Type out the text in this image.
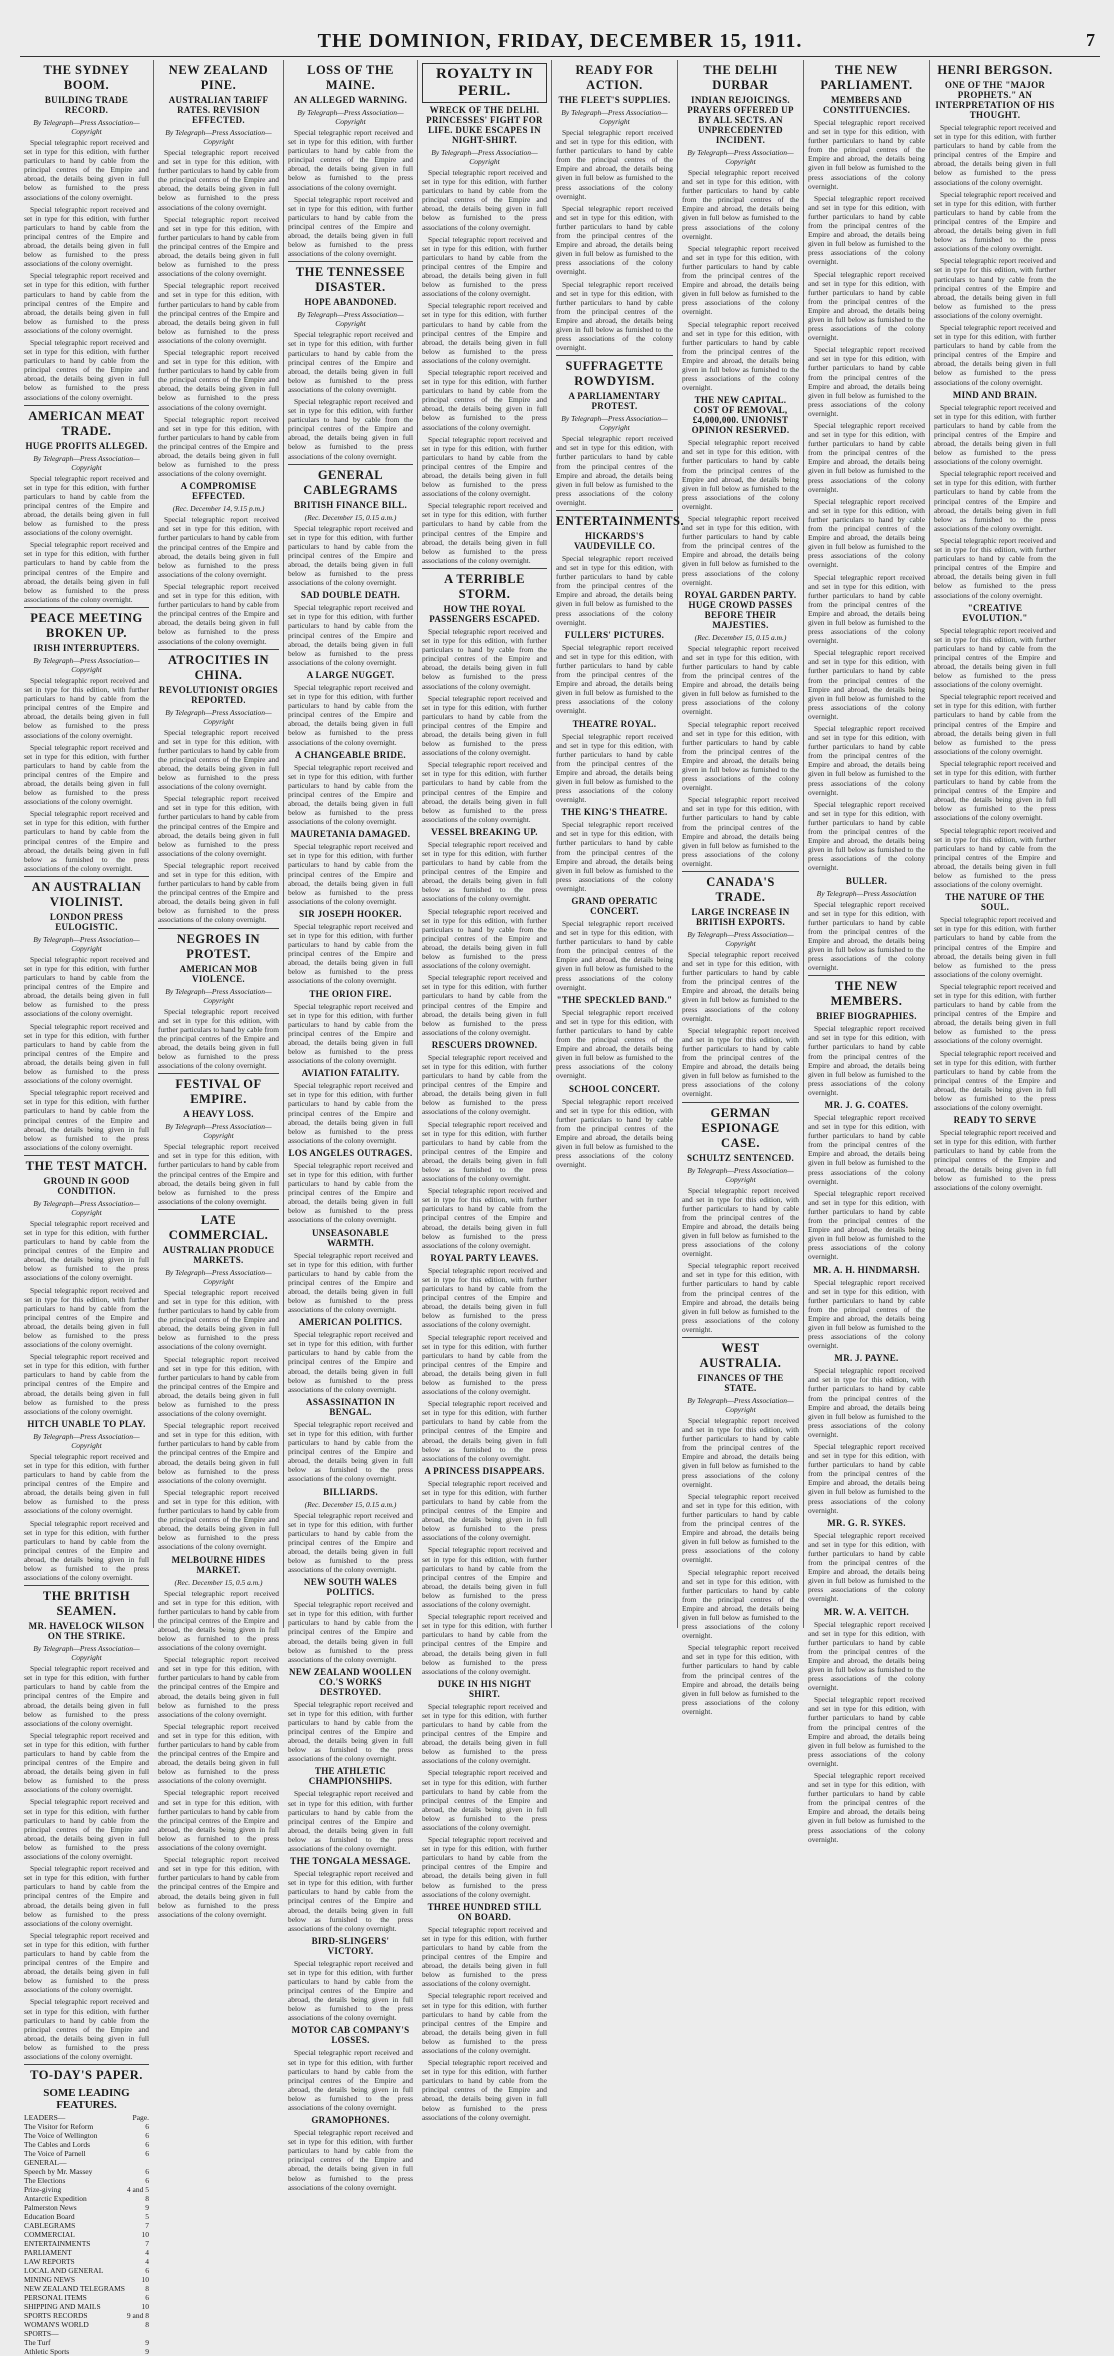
THE DOMINION, FRIDAY, DECEMBER 15, 1911.	7
THE SYDNEY BOOM.
BUILDING TRADE RECORD.
By Telegraph—Press Association—Copyright

Special telegraphic report received and set in type for this edition, with further particulars to hand by cable from the principal centres of the Empire and abroad, the details being given in full below as furnished to the press associations of the colony overnight.

Special telegraphic report received and set in type for this edition, with further particulars to hand by cable from the principal centres of the Empire and abroad, the details being given in full below as furnished to the press associations of the colony overnight.

Special telegraphic report received and set in type for this edition, with further particulars to hand by cable from the principal centres of the Empire and abroad, the details being given in full below as furnished to the press associations of the colony overnight.

Special telegraphic report received and set in type for this edition, with further particulars to hand by cable from the principal centres of the Empire and abroad, the details being given in full below as furnished to the press associations of the colony overnight.

AMERICAN MEAT TRADE.
HUGE PROFITS ALLEGED.
By Telegraph—Press Association—Copyright

Special telegraphic report received and set in type for this edition, with further particulars to hand by cable from the principal centres of the Empire and abroad, the details being given in full below as furnished to the press associations of the colony overnight.

Special telegraphic report received and set in type for this edition, with further particulars to hand by cable from the principal centres of the Empire and abroad, the details being given in full below as furnished to the press associations of the colony overnight.

PEACE MEETING BROKEN UP.
IRISH INTERRUPTERS.
By Telegraph—Press Association—Copyright

Special telegraphic report received and set in type for this edition, with further particulars to hand by cable from the principal centres of the Empire and abroad, the details being given in full below as furnished to the press associations of the colony overnight.

Special telegraphic report received and set in type for this edition, with further particulars to hand by cable from the principal centres of the Empire and abroad, the details being given in full below as furnished to the press associations of the colony overnight.

Special telegraphic report received and set in type for this edition, with further particulars to hand by cable from the principal centres of the Empire and abroad, the details being given in full below as furnished to the press associations of the colony overnight.

AN AUSTRALIAN VIOLINIST.
LONDON PRESS EULOGISTIC.
By Telegraph—Press Association—Copyright

Special telegraphic report received and set in type for this edition, with further particulars to hand by cable from the principal centres of the Empire and abroad, the details being given in full below as furnished to the press associations of the colony overnight.

Special telegraphic report received and set in type for this edition, with further particulars to hand by cable from the principal centres of the Empire and abroad, the details being given in full below as furnished to the press associations of the colony overnight.

Special telegraphic report received and set in type for this edition, with further particulars to hand by cable from the principal centres of the Empire and abroad, the details being given in full below as furnished to the press associations of the colony overnight.

THE TEST MATCH.
GROUND IN GOOD CONDITION.
By Telegraph—Press Association—Copyright

Special telegraphic report received and set in type for this edition, with further particulars to hand by cable from the principal centres of the Empire and abroad, the details being given in full below as furnished to the press associations of the colony overnight.

Special telegraphic report received and set in type for this edition, with further particulars to hand by cable from the principal centres of the Empire and abroad, the details being given in full below as furnished to the press associations of the colony overnight.

Special telegraphic report received and set in type for this edition, with further particulars to hand by cable from the principal centres of the Empire and abroad, the details being given in full below as furnished to the press associations of the colony overnight.

HITCH UNABLE TO PLAY.
By Telegraph—Press Association—Copyright

Special telegraphic report received and set in type for this edition, with further particulars to hand by cable from the principal centres of the Empire and abroad, the details being given in full below as furnished to the press associations of the colony overnight.

Special telegraphic report received and set in type for this edition, with further particulars to hand by cable from the principal centres of the Empire and abroad, the details being given in full below as furnished to the press associations of the colony overnight.

THE BRITISH SEAMEN.
MR. HAVELOCK WILSON ON THE STRIKE.
By Telegraph—Press Association—Copyright

Special telegraphic report received and set in type for this edition, with further particulars to hand by cable from the principal centres of the Empire and abroad, the details being given in full below as furnished to the press associations of the colony overnight.

Special telegraphic report received and set in type for this edition, with further particulars to hand by cable from the principal centres of the Empire and abroad, the details being given in full below as furnished to the press associations of the colony overnight.

Special telegraphic report received and set in type for this edition, with further particulars to hand by cable from the principal centres of the Empire and abroad, the details being given in full below as furnished to the press associations of the colony overnight.

Special telegraphic report received and set in type for this edition, with further particulars to hand by cable from the principal centres of the Empire and abroad, the details being given in full below as furnished to the press associations of the colony overnight.

Special telegraphic report received and set in type for this edition, with further particulars to hand by cable from the principal centres of the Empire and abroad, the details being given in full below as furnished to the press associations of the colony overnight.

Special telegraphic report received and set in type for this edition, with further particulars to hand by cable from the principal centres of the Empire and abroad, the details being given in full below as furnished to the press associations of the colony overnight.

TO-DAY'S PAPER.
SOME LEADING FEATURES.
LEADERS—	Page.
The Visitor for Reform	6
The Voice of Wellington	6
The Cables and Lords	6
The Voice of Parnell	6
GENERAL—
Speech by Mr. Massey	6
The Elections	6
Prize-giving	4 and 5
Antarctic Expedition	8
Palmerston News	9
Education Board	5
CABLEGRAMS	7
COMMERCIAL	10
ENTERTAINMENTS	7
PARLIAMENT	4
LAW REPORTS	4
LOCAL AND GENERAL	6
MINING NEWS	10
NEW ZEALAND TELEGRAMS	8
PERSONAL ITEMS	6
SHIPPING AND MAILS	10
SPORTS RECORDS	9 and 8
WOMAN'S WORLD	8
SPORTS—
The Turf	9
Athletic Sports	9
NEW ZEALAND PINE.
AUSTRALIAN TARIFF RATES. REVISION EFFECTED.
By Telegraph—Press Association—Copyright

Special telegraphic report received and set in type for this edition, with further particulars to hand by cable from the principal centres of the Empire and abroad, the details being given in full below as furnished to the press associations of the colony overnight.

Special telegraphic report received and set in type for this edition, with further particulars to hand by cable from the principal centres of the Empire and abroad, the details being given in full below as furnished to the press associations of the colony overnight.

Special telegraphic report received and set in type for this edition, with further particulars to hand by cable from the principal centres of the Empire and abroad, the details being given in full below as furnished to the press associations of the colony overnight.

Special telegraphic report received and set in type for this edition, with further particulars to hand by cable from the principal centres of the Empire and abroad, the details being given in full below as furnished to the press associations of the colony overnight.

Special telegraphic report received and set in type for this edition, with further particulars to hand by cable from the principal centres of the Empire and abroad, the details being given in full below as furnished to the press associations of the colony overnight.

A COMPROMISE EFFECTED.
(Rec. December 14, 9.15 p.m.)

Special telegraphic report received and set in type for this edition, with further particulars to hand by cable from the principal centres of the Empire and abroad, the details being given in full below as furnished to the press associations of the colony overnight.

Special telegraphic report received and set in type for this edition, with further particulars to hand by cable from the principal centres of the Empire and abroad, the details being given in full below as furnished to the press associations of the colony overnight.

ATROCITIES IN CHINA.
REVOLUTIONIST ORGIES REPORTED.
By Telegraph—Press Association—Copyright

Special telegraphic report received and set in type for this edition, with further particulars to hand by cable from the principal centres of the Empire and abroad, the details being given in full below as furnished to the press associations of the colony overnight.

Special telegraphic report received and set in type for this edition, with further particulars to hand by cable from the principal centres of the Empire and abroad, the details being given in full below as furnished to the press associations of the colony overnight.

Special telegraphic report received and set in type for this edition, with further particulars to hand by cable from the principal centres of the Empire and abroad, the details being given in full below as furnished to the press associations of the colony overnight.

NEGROES IN PROTEST.
AMERICAN MOB VIOLENCE.
By Telegraph—Press Association—Copyright

Special telegraphic report received and set in type for this edition, with further particulars to hand by cable from the principal centres of the Empire and abroad, the details being given in full below as furnished to the press associations of the colony overnight.

FESTIVAL OF EMPIRE.
A HEAVY LOSS.
By Telegraph—Press Association—Copyright

Special telegraphic report received and set in type for this edition, with further particulars to hand by cable from the principal centres of the Empire and abroad, the details being given in full below as furnished to the press associations of the colony overnight.

LATE COMMERCIAL.
AUSTRALIAN PRODUCE MARKETS.
By Telegraph—Press Association—Copyright

Special telegraphic report received and set in type for this edition, with further particulars to hand by cable from the principal centres of the Empire and abroad, the details being given in full below as furnished to the press associations of the colony overnight.

Special telegraphic report received and set in type for this edition, with further particulars to hand by cable from the principal centres of the Empire and abroad, the details being given in full below as furnished to the press associations of the colony overnight.

Special telegraphic report received and set in type for this edition, with further particulars to hand by cable from the principal centres of the Empire and abroad, the details being given in full below as furnished to the press associations of the colony overnight.

Special telegraphic report received and set in type for this edition, with further particulars to hand by cable from the principal centres of the Empire and abroad, the details being given in full below as furnished to the press associations of the colony overnight.

MELBOURNE HIDES MARKET.
(Rec. December 15, 0.5 a.m.)

Special telegraphic report received and set in type for this edition, with further particulars to hand by cable from the principal centres of the Empire and abroad, the details being given in full below as furnished to the press associations of the colony overnight.

Special telegraphic report received and set in type for this edition, with further particulars to hand by cable from the principal centres of the Empire and abroad, the details being given in full below as furnished to the press associations of the colony overnight.

Special telegraphic report received and set in type for this edition, with further particulars to hand by cable from the principal centres of the Empire and abroad, the details being given in full below as furnished to the press associations of the colony overnight.

Special telegraphic report received and set in type for this edition, with further particulars to hand by cable from the principal centres of the Empire and abroad, the details being given in full below as furnished to the press associations of the colony overnight.

Special telegraphic report received and set in type for this edition, with further particulars to hand by cable from the principal centres of the Empire and abroad, the details being given in full below as furnished to the press associations of the colony overnight.

LOSS OF THE MAINE.
AN ALLEGED WARNING.
By Telegraph—Press Association—Copyright

Special telegraphic report received and set in type for this edition, with further particulars to hand by cable from the principal centres of the Empire and abroad, the details being given in full below as furnished to the press associations of the colony overnight.

Special telegraphic report received and set in type for this edition, with further particulars to hand by cable from the principal centres of the Empire and abroad, the details being given in full below as furnished to the press associations of the colony overnight.

THE TENNESSEE DISASTER.
HOPE ABANDONED.
By Telegraph—Press Association—Copyright

Special telegraphic report received and set in type for this edition, with further particulars to hand by cable from the principal centres of the Empire and abroad, the details being given in full below as furnished to the press associations of the colony overnight.

Special telegraphic report received and set in type for this edition, with further particulars to hand by cable from the principal centres of the Empire and abroad, the details being given in full below as furnished to the press associations of the colony overnight.

GENERAL CABLEGRAMS
BRITISH FINANCE BILL.
(Rec. December 15, 0.15 a.m.)

Special telegraphic report received and set in type for this edition, with further particulars to hand by cable from the principal centres of the Empire and abroad, the details being given in full below as furnished to the press associations of the colony overnight.

SAD DOUBLE DEATH.

Special telegraphic report received and set in type for this edition, with further particulars to hand by cable from the principal centres of the Empire and abroad, the details being given in full below as furnished to the press associations of the colony overnight.

A LARGE NUGGET.

Special telegraphic report received and set in type for this edition, with further particulars to hand by cable from the principal centres of the Empire and abroad, the details being given in full below as furnished to the press associations of the colony overnight.

A CHANGEABLE BRIDE.

Special telegraphic report received and set in type for this edition, with further particulars to hand by cable from the principal centres of the Empire and abroad, the details being given in full below as furnished to the press associations of the colony overnight.

MAURETANIA DAMAGED.

Special telegraphic report received and set in type for this edition, with further particulars to hand by cable from the principal centres of the Empire and abroad, the details being given in full below as furnished to the press associations of the colony overnight.

SIR JOSEPH HOOKER.

Special telegraphic report received and set in type for this edition, with further particulars to hand by cable from the principal centres of the Empire and abroad, the details being given in full below as furnished to the press associations of the colony overnight.

THE ORION FIRE.

Special telegraphic report received and set in type for this edition, with further particulars to hand by cable from the principal centres of the Empire and abroad, the details being given in full below as furnished to the press associations of the colony overnight.

AVIATION FATALITY.

Special telegraphic report received and set in type for this edition, with further particulars to hand by cable from the principal centres of the Empire and abroad, the details being given in full below as furnished to the press associations of the colony overnight.

LOS ANGELES OUTRAGES.

Special telegraphic report received and set in type for this edition, with further particulars to hand by cable from the principal centres of the Empire and abroad, the details being given in full below as furnished to the press associations of the colony overnight.

UNSEASONABLE WARMTH.

Special telegraphic report received and set in type for this edition, with further particulars to hand by cable from the principal centres of the Empire and abroad, the details being given in full below as furnished to the press associations of the colony overnight.

AMERICAN POLITICS.

Special telegraphic report received and set in type for this edition, with further particulars to hand by cable from the principal centres of the Empire and abroad, the details being given in full below as furnished to the press associations of the colony overnight.

ASSASSINATION IN BENGAL.

Special telegraphic report received and set in type for this edition, with further particulars to hand by cable from the principal centres of the Empire and abroad, the details being given in full below as furnished to the press associations of the colony overnight.

BILLIARDS.
(Rec. December 15, 0.15 a.m.)

Special telegraphic report received and set in type for this edition, with further particulars to hand by cable from the principal centres of the Empire and abroad, the details being given in full below as furnished to the press associations of the colony overnight.

NEW SOUTH WALES POLITICS.

Special telegraphic report received and set in type for this edition, with further particulars to hand by cable from the principal centres of the Empire and abroad, the details being given in full below as furnished to the press associations of the colony overnight.

NEW ZEALAND WOOLLEN CO.'S WORKS DESTROYED.

Special telegraphic report received and set in type for this edition, with further particulars to hand by cable from the principal centres of the Empire and abroad, the details being given in full below as furnished to the press associations of the colony overnight.

THE ATHLETIC CHAMPIONSHIPS.

Special telegraphic report received and set in type for this edition, with further particulars to hand by cable from the principal centres of the Empire and abroad, the details being given in full below as furnished to the press associations of the colony overnight.

THE TONGALA MESSAGE.

Special telegraphic report received and set in type for this edition, with further particulars to hand by cable from the principal centres of the Empire and abroad, the details being given in full below as furnished to the press associations of the colony overnight.

BIRD-SLINGERS' VICTORY.

Special telegraphic report received and set in type for this edition, with further particulars to hand by cable from the principal centres of the Empire and abroad, the details being given in full below as furnished to the press associations of the colony overnight.

MOTOR CAB COMPANY'S LOSSES.

Special telegraphic report received and set in type for this edition, with further particulars to hand by cable from the principal centres of the Empire and abroad, the details being given in full below as furnished to the press associations of the colony overnight.

GRAMOPHONES.

Special telegraphic report received and set in type for this edition, with further particulars to hand by cable from the principal centres of the Empire and abroad, the details being given in full below as furnished to the press associations of the colony overnight.

ROYALTY IN PERIL.
WRECK OF THE DELHI. PRINCESSES' FIGHT FOR LIFE. DUKE ESCAPES IN NIGHT-SHIRT.
By Telegraph—Press Association—Copyright

Special telegraphic report received and set in type for this edition, with further particulars to hand by cable from the principal centres of the Empire and abroad, the details being given in full below as furnished to the press associations of the colony overnight.

Special telegraphic report received and set in type for this edition, with further particulars to hand by cable from the principal centres of the Empire and abroad, the details being given in full below as furnished to the press associations of the colony overnight.

Special telegraphic report received and set in type for this edition, with further particulars to hand by cable from the principal centres of the Empire and abroad, the details being given in full below as furnished to the press associations of the colony overnight.

Special telegraphic report received and set in type for this edition, with further particulars to hand by cable from the principal centres of the Empire and abroad, the details being given in full below as furnished to the press associations of the colony overnight.

Special telegraphic report received and set in type for this edition, with further particulars to hand by cable from the principal centres of the Empire and abroad, the details being given in full below as furnished to the press associations of the colony overnight.

Special telegraphic report received and set in type for this edition, with further particulars to hand by cable from the principal centres of the Empire and abroad, the details being given in full below as furnished to the press associations of the colony overnight.

A TERRIBLE STORM.
HOW THE ROYAL PASSENGERS ESCAPED.

Special telegraphic report received and set in type for this edition, with further particulars to hand by cable from the principal centres of the Empire and abroad, the details being given in full below as furnished to the press associations of the colony overnight.

Special telegraphic report received and set in type for this edition, with further particulars to hand by cable from the principal centres of the Empire and abroad, the details being given in full below as furnished to the press associations of the colony overnight.

Special telegraphic report received and set in type for this edition, with further particulars to hand by cable from the principal centres of the Empire and abroad, the details being given in full below as furnished to the press associations of the colony overnight.

VESSEL BREAKING UP.

Special telegraphic report received and set in type for this edition, with further particulars to hand by cable from the principal centres of the Empire and abroad, the details being given in full below as furnished to the press associations of the colony overnight.

Special telegraphic report received and set in type for this edition, with further particulars to hand by cable from the principal centres of the Empire and abroad, the details being given in full below as furnished to the press associations of the colony overnight.

Special telegraphic report received and set in type for this edition, with further particulars to hand by cable from the principal centres of the Empire and abroad, the details being given in full below as furnished to the press associations of the colony overnight.

RESCUERS DROWNED.

Special telegraphic report received and set in type for this edition, with further particulars to hand by cable from the principal centres of the Empire and abroad, the details being given in full below as furnished to the press associations of the colony overnight.

Special telegraphic report received and set in type for this edition, with further particulars to hand by cable from the principal centres of the Empire and abroad, the details being given in full below as furnished to the press associations of the colony overnight.

Special telegraphic report received and set in type for this edition, with further particulars to hand by cable from the principal centres of the Empire and abroad, the details being given in full below as furnished to the press associations of the colony overnight.

ROYAL PARTY LEAVES.

Special telegraphic report received and set in type for this edition, with further particulars to hand by cable from the principal centres of the Empire and abroad, the details being given in full below as furnished to the press associations of the colony overnight.

Special telegraphic report received and set in type for this edition, with further particulars to hand by cable from the principal centres of the Empire and abroad, the details being given in full below as furnished to the press associations of the colony overnight.

Special telegraphic report received and set in type for this edition, with further particulars to hand by cable from the principal centres of the Empire and abroad, the details being given in full below as furnished to the press associations of the colony overnight.

A PRINCESS DISAPPEARS.

Special telegraphic report received and set in type for this edition, with further particulars to hand by cable from the principal centres of the Empire and abroad, the details being given in full below as furnished to the press associations of the colony overnight.

Special telegraphic report received and set in type for this edition, with further particulars to hand by cable from the principal centres of the Empire and abroad, the details being given in full below as furnished to the press associations of the colony overnight.

Special telegraphic report received and set in type for this edition, with further particulars to hand by cable from the principal centres of the Empire and abroad, the details being given in full below as furnished to the press associations of the colony overnight.

DUKE IN HIS NIGHT SHIRT.

Special telegraphic report received and set in type for this edition, with further particulars to hand by cable from the principal centres of the Empire and abroad, the details being given in full below as furnished to the press associations of the colony overnight.

Special telegraphic report received and set in type for this edition, with further particulars to hand by cable from the principal centres of the Empire and abroad, the details being given in full below as furnished to the press associations of the colony overnight.

Special telegraphic report received and set in type for this edition, with further particulars to hand by cable from the principal centres of the Empire and abroad, the details being given in full below as furnished to the press associations of the colony overnight.

THREE HUNDRED STILL ON BOARD.

Special telegraphic report received and set in type for this edition, with further particulars to hand by cable from the principal centres of the Empire and abroad, the details being given in full below as furnished to the press associations of the colony overnight.

Special telegraphic report received and set in type for this edition, with further particulars to hand by cable from the principal centres of the Empire and abroad, the details being given in full below as furnished to the press associations of the colony overnight.

Special telegraphic report received and set in type for this edition, with further particulars to hand by cable from the principal centres of the Empire and abroad, the details being given in full below as furnished to the press associations of the colony overnight.

READY FOR ACTION.
THE FLEET'S SUPPLIES.
By Telegraph—Press Association—Copyright

Special telegraphic report received and set in type for this edition, with further particulars to hand by cable from the principal centres of the Empire and abroad, the details being given in full below as furnished to the press associations of the colony overnight.

Special telegraphic report received and set in type for this edition, with further particulars to hand by cable from the principal centres of the Empire and abroad, the details being given in full below as furnished to the press associations of the colony overnight.

Special telegraphic report received and set in type for this edition, with further particulars to hand by cable from the principal centres of the Empire and abroad, the details being given in full below as furnished to the press associations of the colony overnight.

SUFFRAGETTE ROWDYISM.
A PARLIAMENTARY PROTEST.
By Telegraph—Press Association—Copyright

Special telegraphic report received and set in type for this edition, with further particulars to hand by cable from the principal centres of the Empire and abroad, the details being given in full below as furnished to the press associations of the colony overnight.

ENTERTAINMENTS.
HICKARDS'S VAUDEVILLE CO.

Special telegraphic report received and set in type for this edition, with further particulars to hand by cable from the principal centres of the Empire and abroad, the details being given in full below as furnished to the press associations of the colony overnight.

FULLERS' PICTURES.

Special telegraphic report received and set in type for this edition, with further particulars to hand by cable from the principal centres of the Empire and abroad, the details being given in full below as furnished to the press associations of the colony overnight.

THEATRE ROYAL.

Special telegraphic report received and set in type for this edition, with further particulars to hand by cable from the principal centres of the Empire and abroad, the details being given in full below as furnished to the press associations of the colony overnight.

THE KING'S THEATRE.

Special telegraphic report received and set in type for this edition, with further particulars to hand by cable from the principal centres of the Empire and abroad, the details being given in full below as furnished to the press associations of the colony overnight.

GRAND OPERATIC CONCERT.

Special telegraphic report received and set in type for this edition, with further particulars to hand by cable from the principal centres of the Empire and abroad, the details being given in full below as furnished to the press associations of the colony overnight.

"THE SPECKLED BAND."

Special telegraphic report received and set in type for this edition, with further particulars to hand by cable from the principal centres of the Empire and abroad, the details being given in full below as furnished to the press associations of the colony overnight.

SCHOOL CONCERT.

Special telegraphic report received and set in type for this edition, with further particulars to hand by cable from the principal centres of the Empire and abroad, the details being given in full below as furnished to the press associations of the colony overnight.

THE DELHI DURBAR
INDIAN REJOICINGS. PRAYERS OFFERED UP BY ALL SECTS. AN UNPRECEDENTED INCIDENT.
By Telegraph—Press Association—Copyright

Special telegraphic report received and set in type for this edition, with further particulars to hand by cable from the principal centres of the Empire and abroad, the details being given in full below as furnished to the press associations of the colony overnight.

Special telegraphic report received and set in type for this edition, with further particulars to hand by cable from the principal centres of the Empire and abroad, the details being given in full below as furnished to the press associations of the colony overnight.

Special telegraphic report received and set in type for this edition, with further particulars to hand by cable from the principal centres of the Empire and abroad, the details being given in full below as furnished to the press associations of the colony overnight.

THE NEW CAPITAL. COST OF REMOVAL, £4,000,000. UNIONIST OPINION RESERVED.

Special telegraphic report received and set in type for this edition, with further particulars to hand by cable from the principal centres of the Empire and abroad, the details being given in full below as furnished to the press associations of the colony overnight.

Special telegraphic report received and set in type for this edition, with further particulars to hand by cable from the principal centres of the Empire and abroad, the details being given in full below as furnished to the press associations of the colony overnight.

ROYAL GARDEN PARTY. HUGE CROWD PASSES BEFORE THEIR MAJESTIES.
(Rec. December 15, 0.15 a.m.)

Special telegraphic report received and set in type for this edition, with further particulars to hand by cable from the principal centres of the Empire and abroad, the details being given in full below as furnished to the press associations of the colony overnight.

Special telegraphic report received and set in type for this edition, with further particulars to hand by cable from the principal centres of the Empire and abroad, the details being given in full below as furnished to the press associations of the colony overnight.

Special telegraphic report received and set in type for this edition, with further particulars to hand by cable from the principal centres of the Empire and abroad, the details being given in full below as furnished to the press associations of the colony overnight.

CANADA'S TRADE.
LARGE INCREASE IN BRITISH EXPORTS.
By Telegraph—Press Association—Copyright

Special telegraphic report received and set in type for this edition, with further particulars to hand by cable from the principal centres of the Empire and abroad, the details being given in full below as furnished to the press associations of the colony overnight.

Special telegraphic report received and set in type for this edition, with further particulars to hand by cable from the principal centres of the Empire and abroad, the details being given in full below as furnished to the press associations of the colony overnight.

GERMAN ESPIONAGE CASE.
SCHULTZ SENTENCED.
By Telegraph—Press Association—Copyright

Special telegraphic report received and set in type for this edition, with further particulars to hand by cable from the principal centres of the Empire and abroad, the details being given in full below as furnished to the press associations of the colony overnight.

Special telegraphic report received and set in type for this edition, with further particulars to hand by cable from the principal centres of the Empire and abroad, the details being given in full below as furnished to the press associations of the colony overnight.

WEST AUSTRALIA.
FINANCES OF THE STATE.
By Telegraph—Press Association—Copyright

Special telegraphic report received and set in type for this edition, with further particulars to hand by cable from the principal centres of the Empire and abroad, the details being given in full below as furnished to the press associations of the colony overnight.

Special telegraphic report received and set in type for this edition, with further particulars to hand by cable from the principal centres of the Empire and abroad, the details being given in full below as furnished to the press associations of the colony overnight.

Special telegraphic report received and set in type for this edition, with further particulars to hand by cable from the principal centres of the Empire and abroad, the details being given in full below as furnished to the press associations of the colony overnight.

Special telegraphic report received and set in type for this edition, with further particulars to hand by cable from the principal centres of the Empire and abroad, the details being given in full below as furnished to the press associations of the colony overnight.

THE NEW PARLIAMENT.
MEMBERS AND CONSTITUENCIES.

Special telegraphic report received and set in type for this edition, with further particulars to hand by cable from the principal centres of the Empire and abroad, the details being given in full below as furnished to the press associations of the colony overnight.

Special telegraphic report received and set in type for this edition, with further particulars to hand by cable from the principal centres of the Empire and abroad, the details being given in full below as furnished to the press associations of the colony overnight.

Special telegraphic report received and set in type for this edition, with further particulars to hand by cable from the principal centres of the Empire and abroad, the details being given in full below as furnished to the press associations of the colony overnight.

Special telegraphic report received and set in type for this edition, with further particulars to hand by cable from the principal centres of the Empire and abroad, the details being given in full below as furnished to the press associations of the colony overnight.

Special telegraphic report received and set in type for this edition, with further particulars to hand by cable from the principal centres of the Empire and abroad, the details being given in full below as furnished to the press associations of the colony overnight.

Special telegraphic report received and set in type for this edition, with further particulars to hand by cable from the principal centres of the Empire and abroad, the details being given in full below as furnished to the press associations of the colony overnight.

Special telegraphic report received and set in type for this edition, with further particulars to hand by cable from the principal centres of the Empire and abroad, the details being given in full below as furnished to the press associations of the colony overnight.

Special telegraphic report received and set in type for this edition, with further particulars to hand by cable from the principal centres of the Empire and abroad, the details being given in full below as furnished to the press associations of the colony overnight.

Special telegraphic report received and set in type for this edition, with further particulars to hand by cable from the principal centres of the Empire and abroad, the details being given in full below as furnished to the press associations of the colony overnight.

Special telegraphic report received and set in type for this edition, with further particulars to hand by cable from the principal centres of the Empire and abroad, the details being given in full below as furnished to the press associations of the colony overnight.

BULLER.
By Telegraph—Press Association

Special telegraphic report received and set in type for this edition, with further particulars to hand by cable from the principal centres of the Empire and abroad, the details being given in full below as furnished to the press associations of the colony overnight.

THE NEW MEMBERS.
BRIEF BIOGRAPHIES.

Special telegraphic report received and set in type for this edition, with further particulars to hand by cable from the principal centres of the Empire and abroad, the details being given in full below as furnished to the press associations of the colony overnight.

MR. J. G. COATES.

Special telegraphic report received and set in type for this edition, with further particulars to hand by cable from the principal centres of the Empire and abroad, the details being given in full below as furnished to the press associations of the colony overnight.

Special telegraphic report received and set in type for this edition, with further particulars to hand by cable from the principal centres of the Empire and abroad, the details being given in full below as furnished to the press associations of the colony overnight.

MR. A. H. HINDMARSH.

Special telegraphic report received and set in type for this edition, with further particulars to hand by cable from the principal centres of the Empire and abroad, the details being given in full below as furnished to the press associations of the colony overnight.

MR. J. PAYNE.

Special telegraphic report received and set in type for this edition, with further particulars to hand by cable from the principal centres of the Empire and abroad, the details being given in full below as furnished to the press associations of the colony overnight.

Special telegraphic report received and set in type for this edition, with further particulars to hand by cable from the principal centres of the Empire and abroad, the details being given in full below as furnished to the press associations of the colony overnight.

MR. G. R. SYKES.

Special telegraphic report received and set in type for this edition, with further particulars to hand by cable from the principal centres of the Empire and abroad, the details being given in full below as furnished to the press associations of the colony overnight.

MR. W. A. VEITCH.

Special telegraphic report received and set in type for this edition, with further particulars to hand by cable from the principal centres of the Empire and abroad, the details being given in full below as furnished to the press associations of the colony overnight.

Special telegraphic report received and set in type for this edition, with further particulars to hand by cable from the principal centres of the Empire and abroad, the details being given in full below as furnished to the press associations of the colony overnight.

Special telegraphic report received and set in type for this edition, with further particulars to hand by cable from the principal centres of the Empire and abroad, the details being given in full below as furnished to the press associations of the colony overnight.

HENRI BERGSON.
ONE OF THE "MAJOR PROPHETS." AN INTERPRETATION OF HIS THOUGHT.

Special telegraphic report received and set in type for this edition, with further particulars to hand by cable from the principal centres of the Empire and abroad, the details being given in full below as furnished to the press associations of the colony overnight.

Special telegraphic report received and set in type for this edition, with further particulars to hand by cable from the principal centres of the Empire and abroad, the details being given in full below as furnished to the press associations of the colony overnight.

Special telegraphic report received and set in type for this edition, with further particulars to hand by cable from the principal centres of the Empire and abroad, the details being given in full below as furnished to the press associations of the colony overnight.

Special telegraphic report received and set in type for this edition, with further particulars to hand by cable from the principal centres of the Empire and abroad, the details being given in full below as furnished to the press associations of the colony overnight.

MIND AND BRAIN.

Special telegraphic report received and set in type for this edition, with further particulars to hand by cable from the principal centres of the Empire and abroad, the details being given in full below as furnished to the press associations of the colony overnight.

Special telegraphic report received and set in type for this edition, with further particulars to hand by cable from the principal centres of the Empire and abroad, the details being given in full below as furnished to the press associations of the colony overnight.

Special telegraphic report received and set in type for this edition, with further particulars to hand by cable from the principal centres of the Empire and abroad, the details being given in full below as furnished to the press associations of the colony overnight.

"CREATIVE EVOLUTION."

Special telegraphic report received and set in type for this edition, with further particulars to hand by cable from the principal centres of the Empire and abroad, the details being given in full below as furnished to the press associations of the colony overnight.

Special telegraphic report received and set in type for this edition, with further particulars to hand by cable from the principal centres of the Empire and abroad, the details being given in full below as furnished to the press associations of the colony overnight.

Special telegraphic report received and set in type for this edition, with further particulars to hand by cable from the principal centres of the Empire and abroad, the details being given in full below as furnished to the press associations of the colony overnight.

Special telegraphic report received and set in type for this edition, with further particulars to hand by cable from the principal centres of the Empire and abroad, the details being given in full below as furnished to the press associations of the colony overnight.

THE NATURE OF THE SOUL.

Special telegraphic report received and set in type for this edition, with further particulars to hand by cable from the principal centres of the Empire and abroad, the details being given in full below as furnished to the press associations of the colony overnight.

Special telegraphic report received and set in type for this edition, with further particulars to hand by cable from the principal centres of the Empire and abroad, the details being given in full below as furnished to the press associations of the colony overnight.

Special telegraphic report received and set in type for this edition, with further particulars to hand by cable from the principal centres of the Empire and abroad, the details being given in full below as furnished to the press associations of the colony overnight.

READY TO SERVE

Special telegraphic report received and set in type for this edition, with further particulars to hand by cable from the principal centres of the Empire and abroad, the details being given in full below as furnished to the press associations of the colony overnight.
